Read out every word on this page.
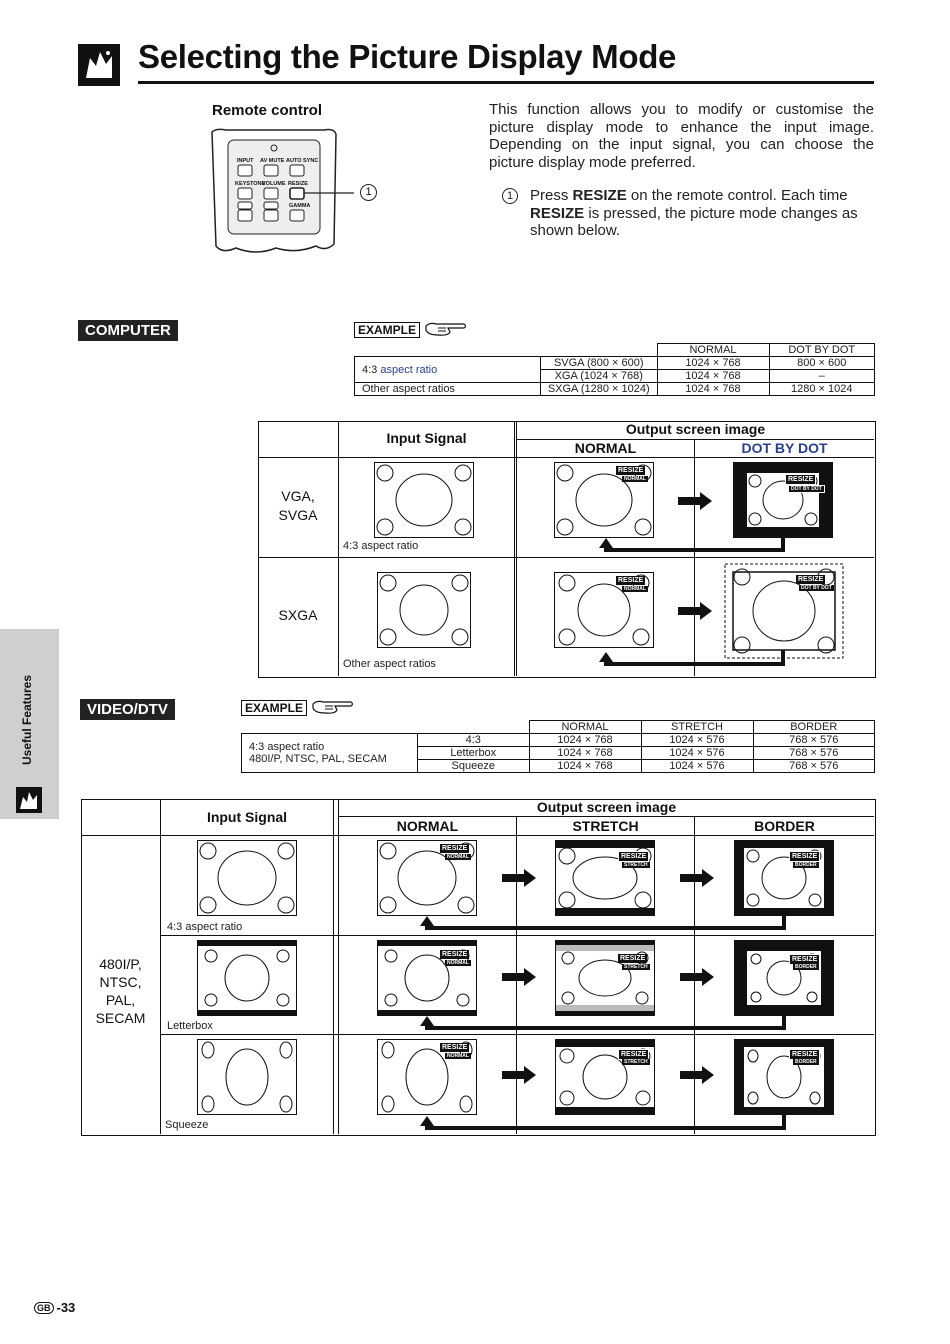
Selecting the Picture Display Mode
Remote control
INPUT AV MUTE AUTO SYNC
KEYSTONE
VOLUME RESIZE
GAMMA
1
This function allows you to modify or customise the picture display mode to enhance the input image. Depending on the input signal, you can choose the picture display mode preferred.
1 Press RESIZE on the remote control. Each time RESIZE is pressed, the picture mode changes as shown below.
COMPUTER	EXAMPLE
		NORMAL	DOT BY DOT
4:3 aspect ratio	SVGA (800 × 600)	1024 × 768	800 × 600
	XGA (1024 × 768)	1024 × 768	–
Other aspect ratios	SXGA (1280 × 1024)	1024 × 768	1280 × 1024
Input Signal
Output screen image
NORMAL	DOT BY DOT
VGA,
SVGA
SXGA
4:3 aspect ratio
Other aspect ratios
RESIZE
NORMAL	RESIZE
DOT BY DOT
RESIZE
NORMAL
RESIZE
DOT BY DOT
Useful Features	VIDEO/DTV	EXAMPLE
		NORMAL	STRETCH	BORDER
4:3 aspect ratio
480I/P, NTSC, PAL, SECAM	4:3	1024 × 768	1024 × 576	768 × 576
	Letterbox	1024 × 768	1024 × 576	768 × 576
	Squeeze	1024 × 768	1024 × 576	768 × 576
Input Signal
Output screen image
NORMAL	STRETCH	BORDER
480I/P,
NTSC,
PAL,
SECAM
4:3 aspect ratio
Letterbox
Squeeze
RESIZE
NORMAL	RESIZE
STRETCH
RESIZE
BORDER
RESIZE
NORMAL
RESIZE
STRETCH
RESIZE
BORDER
RESIZE
NORMAL	RESIZE
STRETCH
RESIZE
BORDER
GB -33
